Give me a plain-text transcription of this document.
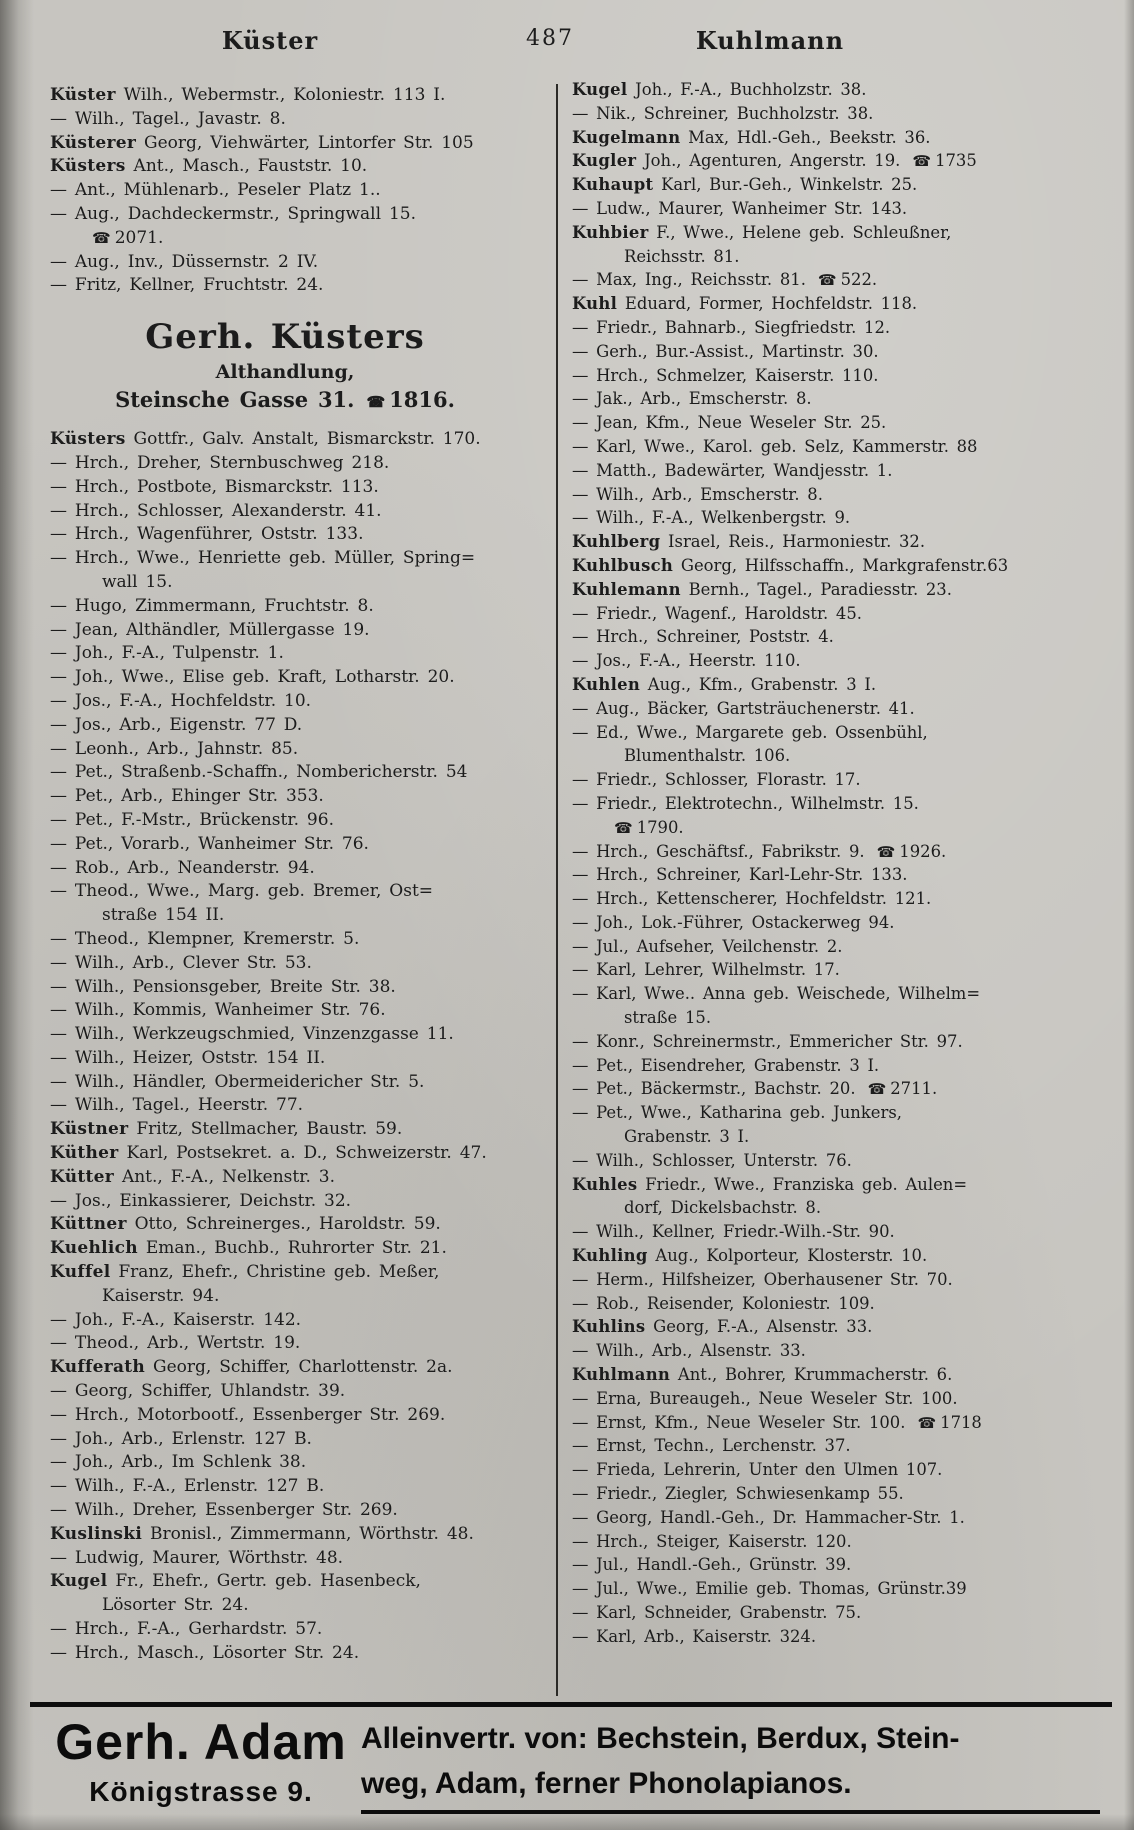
Küster	487	Kuhlmann
Küster Wilh., Webermstr., Koloniestr. 113 I.
— Wilh., Tagel., Javastr. 8.
Küsterer Georg, Viehwärter, Lintorfer Str. 105
Küsters Ant., Masch., Fauststr. 10.
— Ant., Mühlenarb., Peseler Platz 1..
— Aug., Dachdeckermstr., Springwall 15.
☎ 2071.
— Aug., Inv., Düssernstr. 2 IV.
— Fritz, Kellner, Fruchtstr. 24.
Gerh. Küsters
Althandlung,
Steinsche Gasse 31. ☎ 1816.
Küsters Gottfr., Galv. Anstalt, Bismarckstr. 170.
— Hrch., Dreher, Sternbuschweg 218.
— Hrch., Postbote, Bismarckstr. 113.
— Hrch., Schlosser, Alexanderstr. 41.
— Hrch., Wagenführer, Oststr. 133.
— Hrch., Wwe., Henriette geb. Müller, Spring=
wall 15.
— Hugo, Zimmermann, Fruchtstr. 8.
— Jean, Althändler, Müllergasse 19.
— Joh., F.-A., Tulpenstr. 1.
— Joh., Wwe., Elise geb. Kraft, Lotharstr. 20.
— Jos., F.-A., Hochfeldstr. 10.
— Jos., Arb., Eigenstr. 77 D.
— Leonh., Arb., Jahnstr. 85.
— Pet., Straßenb.-Schaffn., Nombericherstr. 54
— Pet., Arb., Ehinger Str. 353.
— Pet., F.-Mstr., Brückenstr. 96.
— Pet., Vorarb., Wanheimer Str. 76.
— Rob., Arb., Neanderstr. 94.
— Theod., Wwe., Marg. geb. Bremer, Ost=
straße 154 II.
— Theod., Klempner, Kremerstr. 5.
— Wilh., Arb., Clever Str. 53.
— Wilh., Pensionsgeber, Breite Str. 38.
— Wilh., Kommis, Wanheimer Str. 76.
— Wilh., Werkzeugschmied, Vinzenzgasse 11.
— Wilh., Heizer, Oststr. 154 II.
— Wilh., Händler, Obermeidericher Str. 5.
— Wilh., Tagel., Heerstr. 77.
Küstner Fritz, Stellmacher, Baustr. 59.
Küther Karl, Postsekret. a. D., Schweizerstr. 47.
Kütter Ant., F.-A., Nelkenstr. 3.
— Jos., Einkassierer, Deichstr. 32.
Küttner Otto, Schreinerges., Haroldstr. 59.
Kuehlich Eman., Buchb., Ruhrorter Str. 21.
Kuffel Franz, Ehefr., Christine geb. Meßer,
Kaiserstr. 94.
— Joh., F.-A., Kaiserstr. 142.
— Theod., Arb., Wertstr. 19.
Kufferath Georg, Schiffer, Charlottenstr. 2a.
— Georg, Schiffer, Uhlandstr. 39.
— Hrch., Motorbootf., Essenberger Str. 269.
— Joh., Arb., Erlenstr. 127 B.
— Joh., Arb., Im Schlenk 38.
— Wilh., F.-A., Erlenstr. 127 B.
— Wilh., Dreher, Essenberger Str. 269.
Kuslinski Bronisl., Zimmermann, Wörthstr. 48.
— Ludwig, Maurer, Wörthstr. 48.
Kugel Fr., Ehefr., Gertr. geb. Hasenbeck,
Lösorter Str. 24.
— Hrch., F.-A., Gerhardstr. 57.
— Hrch., Masch., Lösorter Str. 24.
Kugel Joh., F.-A., Buchholzstr. 38.
— Nik., Schreiner, Buchholzstr. 38.
Kugelmann Max, Hdl.-Geh., Beekstr. 36.
Kugler Joh., Agenturen, Angerstr. 19. ☎ 1735
Kuhaupt Karl, Bur.-Geh., Winkelstr. 25.
— Ludw., Maurer, Wanheimer Str. 143.
Kuhbier F., Wwe., Helene geb. Schleußner,
Reichsstr. 81.
— Max, Ing., Reichsstr. 81. ☎ 522.
Kuhl Eduard, Former, Hochfeldstr. 118.
— Friedr., Bahnarb., Siegfriedstr. 12.
— Gerh., Bur.-Assist., Martinstr. 30.
— Hrch., Schmelzer, Kaiserstr. 110.
— Jak., Arb., Emscherstr. 8.
— Jean, Kfm., Neue Weseler Str. 25.
— Karl, Wwe., Karol. geb. Selz, Kammerstr. 88
— Matth., Badewärter, Wandjesstr. 1.
— Wilh., Arb., Emscherstr. 8.
— Wilh., F.-A., Welkenbergstr. 9.
Kuhlberg Israel, Reis., Harmoniestr. 32.
Kuhlbusch Georg, Hilfsschaffn., Markgrafenstr.63
Kuhlemann Bernh., Tagel., Paradiesstr. 23.
— Friedr., Wagenf., Haroldstr. 45.
— Hrch., Schreiner, Poststr. 4.
— Jos., F.-A., Heerstr. 110.
Kuhlen Aug., Kfm., Grabenstr. 3 I.
— Aug., Bäcker, Gartsträuchenerstr. 41.
— Ed., Wwe., Margarete geb. Ossenbühl,
Blumenthalstr. 106.
— Friedr., Schlosser, Florastr. 17.
— Friedr., Elektrotechn., Wilhelmstr. 15.
☎ 1790.
— Hrch., Geschäftsf., Fabrikstr. 9. ☎ 1926.
— Hrch., Schreiner, Karl-Lehr-Str. 133.
— Hrch., Kettenscherer, Hochfeldstr. 121.
— Joh., Lok.-Führer, Ostackerweg 94.
— Jul., Aufseher, Veilchenstr. 2.
— Karl, Lehrer, Wilhelmstr. 17.
— Karl, Wwe.. Anna geb. Weischede, Wilhelm=
straße 15.
— Konr., Schreinermstr., Emmericher Str. 97.
— Pet., Eisendreher, Grabenstr. 3 I.
— Pet., Bäckermstr., Bachstr. 20. ☎ 2711.
— Pet., Wwe., Katharina geb. Junkers,
Grabenstr. 3 I.
— Wilh., Schlosser, Unterstr. 76.
Kuhles Friedr., Wwe., Franziska geb. Aulen=
dorf, Dickelsbachstr. 8.
— Wilh., Kellner, Friedr.-Wilh.-Str. 90.
Kuhling Aug., Kolporteur, Klosterstr. 10.
— Herm., Hilfsheizer, Oberhausener Str. 70.
— Rob., Reisender, Koloniestr. 109.
Kuhlins Georg, F.-A., Alsenstr. 33.
— Wilh., Arb., Alsenstr. 33.
Kuhlmann Ant., Bohrer, Krummacherstr. 6.
— Erna, Bureaugeh., Neue Weseler Str. 100.
— Ernst, Kfm., Neue Weseler Str. 100. ☎ 1718
— Ernst, Techn., Lerchenstr. 37.
— Frieda, Lehrerin, Unter den Ulmen 107.
— Friedr., Ziegler, Schwiesenkamp 55.
— Georg, Handl.-Geh., Dr. Hammacher-Str. 1.
— Hrch., Steiger, Kaiserstr. 120.
— Jul., Handl.-Geh., Grünstr. 39.
— Jul., Wwe., Emilie geb. Thomas, Grünstr.39
— Karl, Schneider, Grabenstr. 75.
— Karl, Arb., Kaiserstr. 324.
Gerh. Adam
Königstrasse 9.
Alleinvertr. von: Bechstein, Berdux, Stein-
weg, Adam, ferner Phonolapianos.
